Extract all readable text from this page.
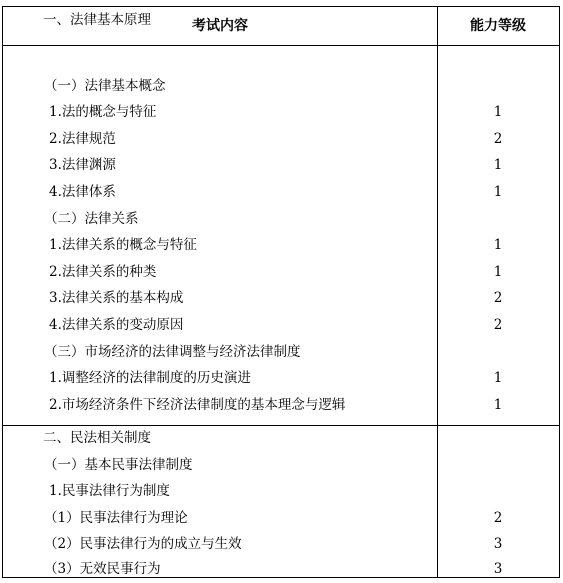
考试内容	能力等级
一、法律基本原理
（一）法律基本概念
1.法的概念与特征	1
2.法律规范	2
3.法律渊源	1
4.法律体系	1
（二）法律关系
1.法律关系的概念与特征	1
2.法律关系的种类	1
3.法律关系的基本构成	2
4.法律关系的变动原因	2
（三）市场经济的法律调整与经济法律制度
1.调整经济的法律制度的历史演进	1
2.市场经济条件下经济法律制度的基本理念与逻辑	1
二、民法相关制度
（一）基本民事法律制度
1.民事法律行为制度
（1）民事法律行为理论	2
（2）民事法律行为的成立与生效	3
（3）无效民事行为	3
